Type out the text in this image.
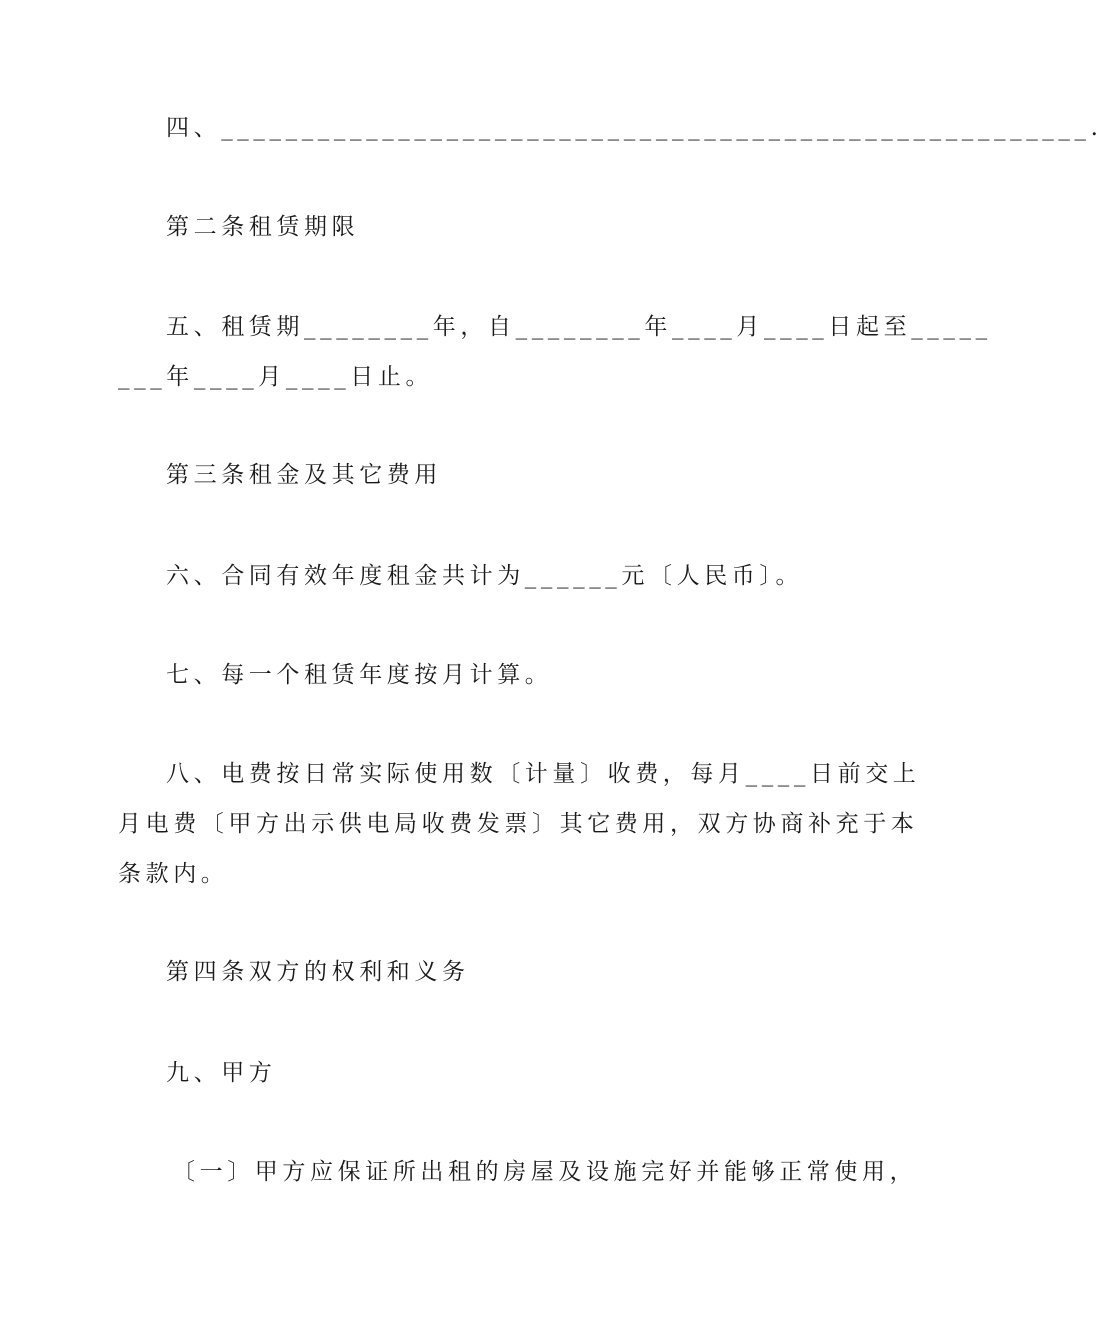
四、______________________________________________________.
第二条租赁期限
五、租赁期________年，自________年____月____日起至_____
___年____月____日止。
第三条租金及其它费用
六、合同有效年度租金共计为______元〔人民币〕。
七、每一个租赁年度按月计算。
八、电费按日常实际使用数〔计量〕收费，每月____日前交上
月电费〔甲方出示供电局收费发票〕其它费用，双方协商补充于本
条款内。
第四条双方的权利和义务
九、甲方
〔一〕甲方应保证所出租的房屋及设施完好并能够正常使用，
